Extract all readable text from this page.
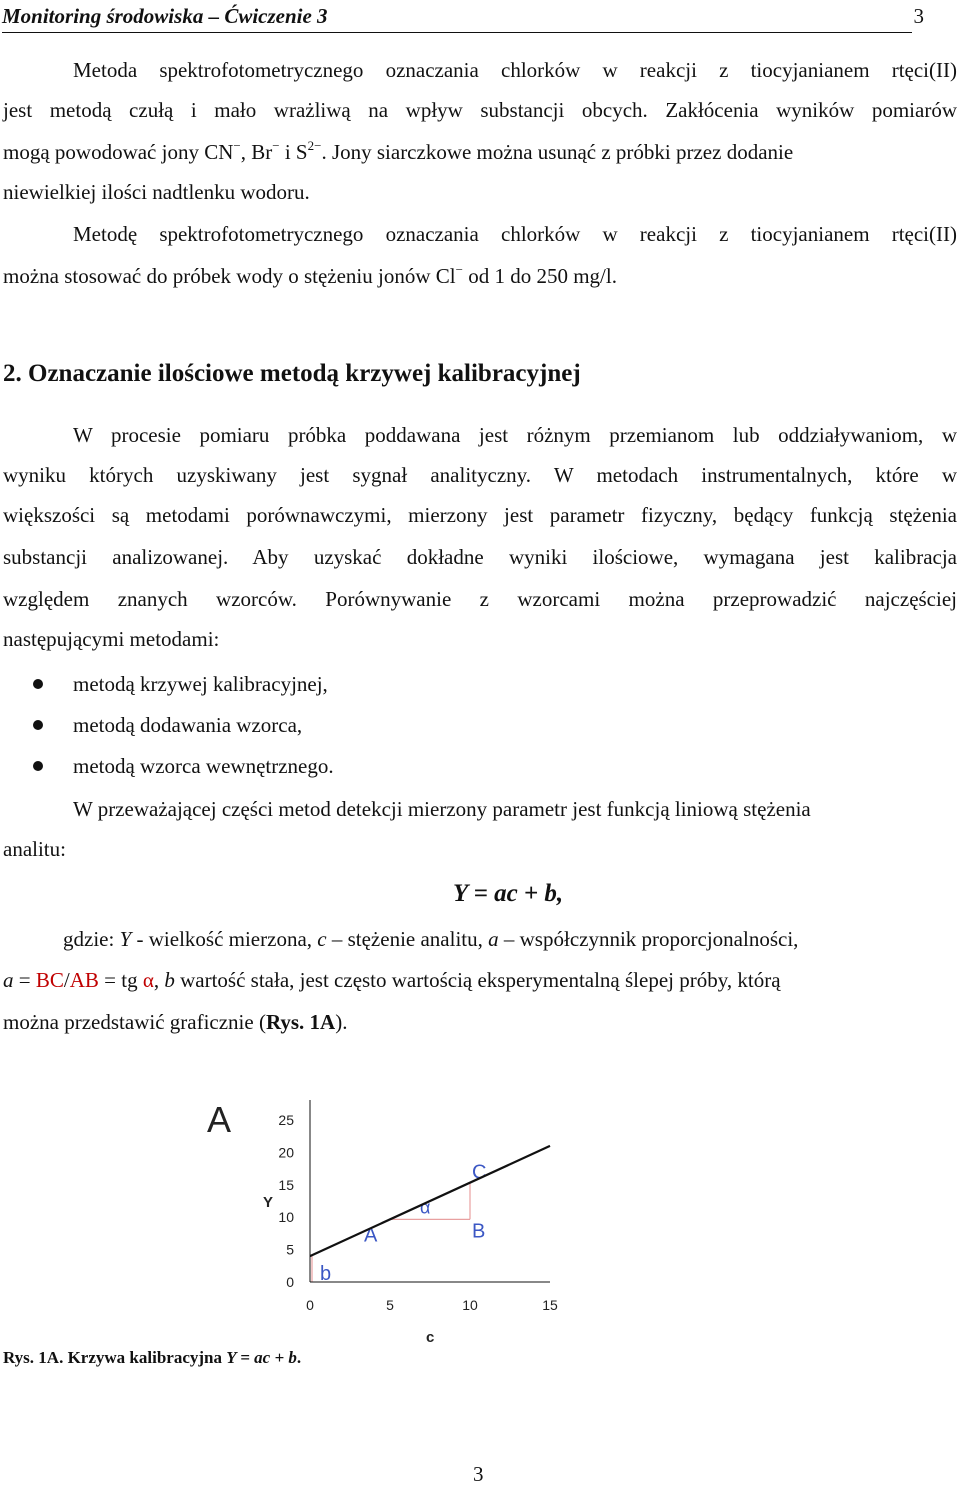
Monitoring środowiska – Ćwiczenie 3	3
Metoda spektrofotometrycznego oznaczania chlorków w reakcji z tiocyjanianem rtęci(II)
jest metodą czułą i mało wrażliwą na wpływ substancji obcych. Zakłócenia wyników pomiarów
mogą powodować jony CN−, Br− i $S^{2-}$. Jony siarczkowe można usunąć z próbki przez dodanie
niewielkiej ilości nadtlenku wodoru.
Metodę spektrofotometrycznego oznaczania chlorków w reakcji z tiocyjanianem rtęci(II)
można stosować do próbek wody o stężeniu jonów Cl− od 1 do 250 mg/l.
2. Oznaczanie ilościowe metodą krzywej kalibracyjnej
W procesie pomiaru próbka poddawana jest różnym przemianom lub oddziaływaniom, w
wyniku których uzyskiwany jest sygnał analityczny. W metodach instrumentalnych, które w
większości są metodami porównawczymi, mierzony jest parametr fizyczny, będący funkcją stężenia
substancji analizowanej. Aby uzyskać dokładne wyniki ilościowe, wymagana jest kalibracja
względem znanych wzorców. Porównywanie z wzorcami można przeprowadzić najczęściej
następującymi metodami:
metodą krzywej kalibracyjnej,
metodą dodawania wzorca,
metodą wzorca wewnętrznego.
W przeważającej części metod detekcji mierzony parametr jest funkcją liniową stężenia
analitu:
Y = ac + b,
gdzie: Y - wielkość mierzona, c – stężenie analitu, a – współczynnik proporcjonalności,
a = BC/AB = tg α, b wartość stała, jest często wartością eksperymentalną ślepej próby, którą
można przedstawić graficznie (Rys. 1A).
A
Y
c
0
5
10
15
20
25
0	5	10	15
A	B
C
b
α
Rys. 1A. Krzywa kalibracyjna Y = ac + b.
3
